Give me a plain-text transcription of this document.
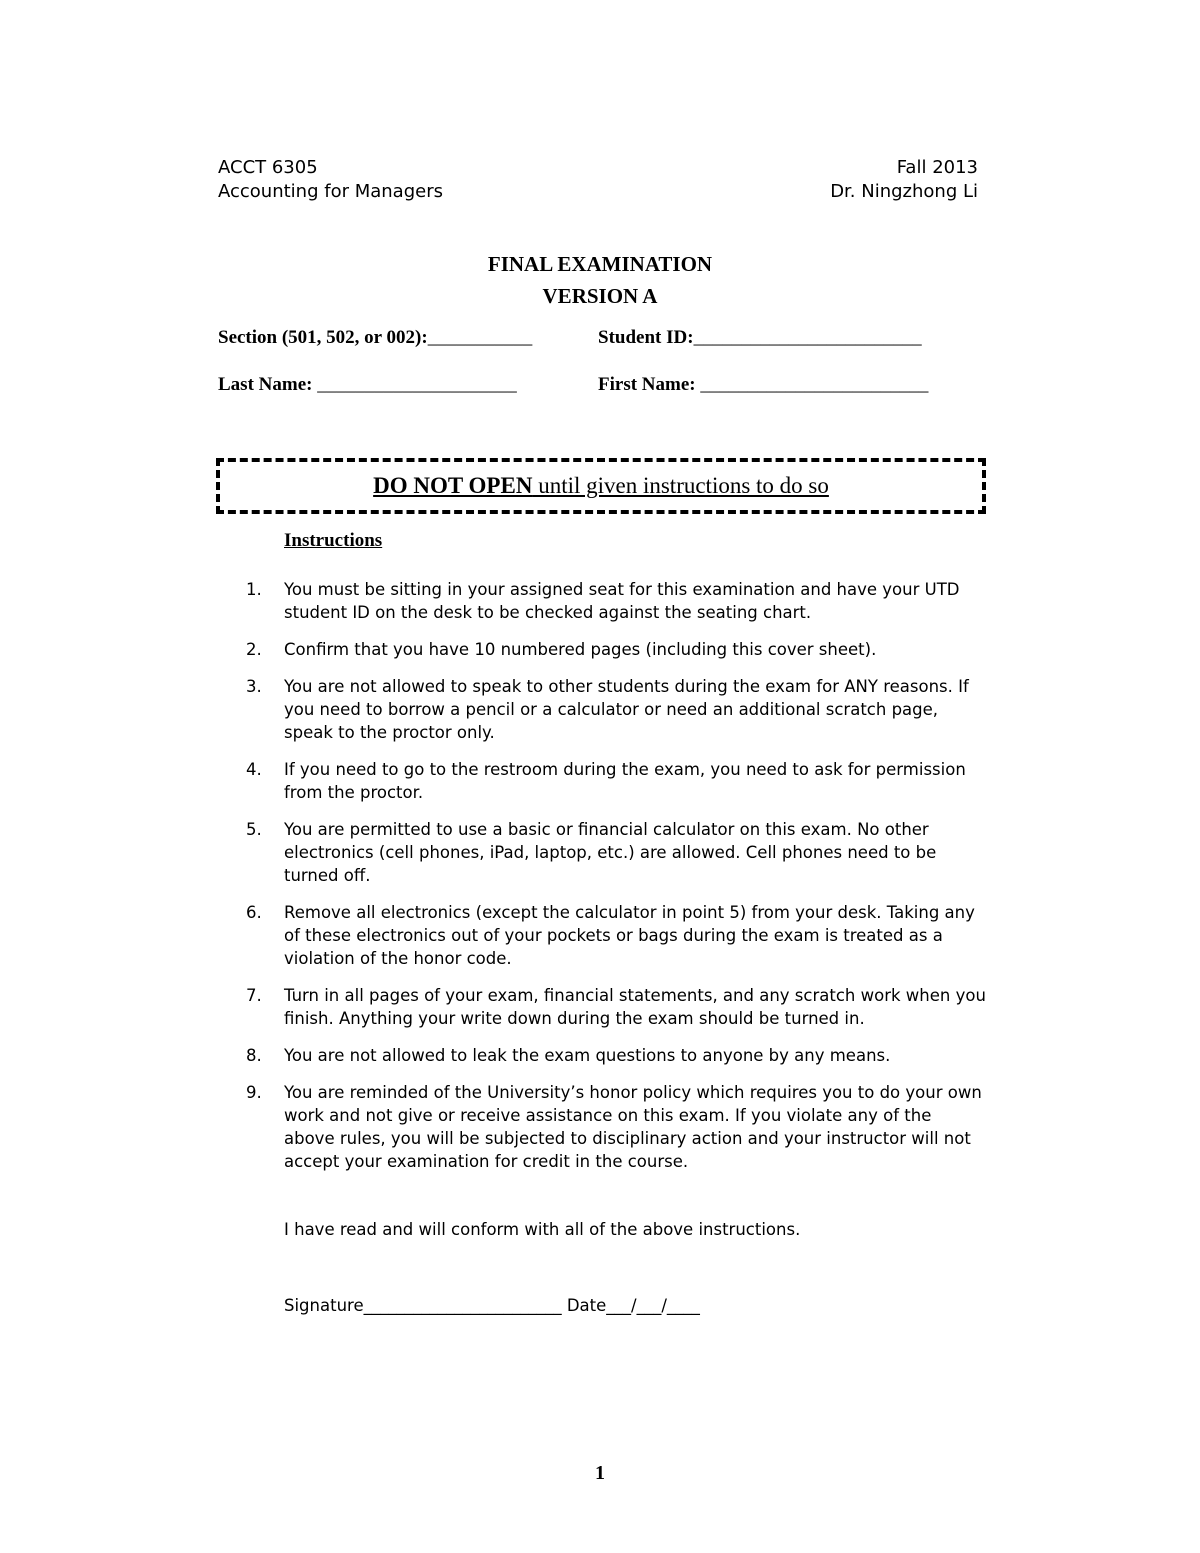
ACCT 6305
Accounting for Managers
Fall 2013
Dr. Ningzhong Li
FINAL EXAMINATION
VERSION A
Section (501, 502, or 002):___________	Student ID:________________________
Last Name: _____________________	First Name: ________________________
DO NOT OPEN until given instructions to do so
Instructions
1. You must be sitting in your assigned seat for this examination and have your UTD student ID on the desk to be checked against the seating chart.
2. Confirm that you have 10 numbered pages (including this cover sheet).
3. You are not allowed to speak to other students during the exam for ANY reasons. If you need to borrow a pencil or a calculator or need an additional scratch page, speak to the proctor only.
4. If you need to go to the restroom during the exam, you need to ask for permission from the proctor.
5. You are permitted to use a basic or financial calculator on this exam. No other electronics (cell phones, iPad, laptop, etc.) are allowed. Cell phones need to be turned off.
6. Remove all electronics (except the calculator in point 5) from your desk. Taking any of these electronics out of your pockets or bags during the exam is treated as a violation of the honor code.
7. Turn in all pages of your exam, financial statements, and any scratch work when you finish. Anything your write down during the exam should be turned in.
8. You are not allowed to leak the exam questions to anyone by any means.
9. You are reminded of the University’s honor policy which requires you to do your own work and not give or receive assistance on this exam. If you violate any of the above rules, you will be subjected to disciplinary action and your instructor will not accept your examination for credit in the course.
I have read and will conform with all of the above instructions.
Signature________________________ Date___/___/____
1
